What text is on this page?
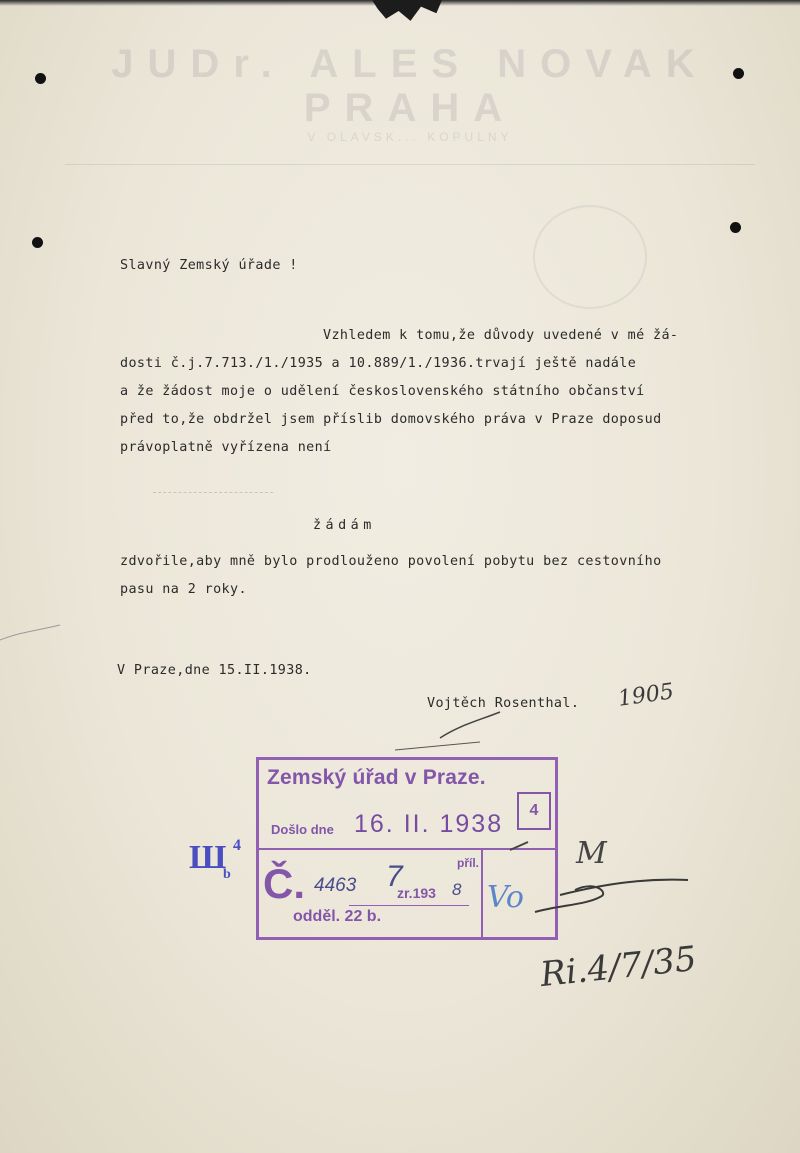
JUDr. ALES NOVAK PRAHA
V OLAVSK... KOPULNY
Slavný Zemský úřade !
Vzhledem k tomu,že důvody uvedené v mé žá-
dosti č.j.7.713./1./1935 a 10.889/1./1936.trvají ještě nadále
a že žádost moje o udělení československého státního občanství
před to,že obdržel jsem příslib domovského práva v Praze doposud
právoplatně vyřízena není
žádám
zdvořile,aby mně bylo prodlouženo povolení pobytu bez cestovního
pasu na 2 roky.
V Praze,dne 15.II.1938.
Vojtěch Rosenthal. 1905
Ш 4
b
Zemský úřad v Praze.
Došlo dne 16. II. 1938	4
Č. 4463 7
zr.193 8
příl.
odděl. 22 b.
Vo
M
Ri.4/7/35
